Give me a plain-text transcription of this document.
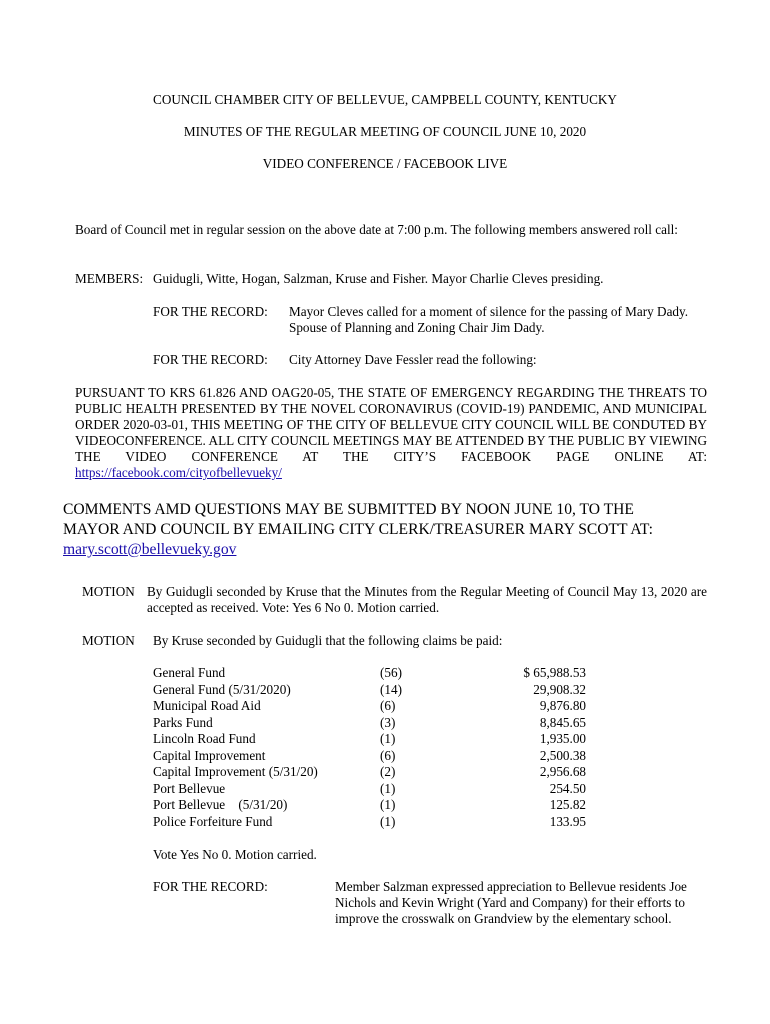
COUNCIL CHAMBER CITY OF BELLEVUE, CAMPBELL COUNTY, KENTUCKY
MINUTES OF THE REGULAR MEETING OF COUNCIL JUNE 10, 2020
VIDEO CONFERENCE / FACEBOOK LIVE
Board of Council met in regular session on the above date at 7:00 p.m. The following members answered roll call:
MEMBERS: Guidugli, Witte, Hogan, Salzman, Kruse and Fisher. Mayor Charlie Cleves presiding.
FOR THE RECORD: Mayor Cleves called for a moment of silence for the passing of Mary Dady. Spouse of Planning and Zoning Chair Jim Dady.
FOR THE RECORD: City Attorney Dave Fessler read the following:
PURSUANT TO KRS 61.826 AND OAG20-05, THE STATE OF EMERGENCY REGARDING THE THREATS TO PUBLIC HEALTH PRESENTED BY THE NOVEL CORONAVIRUS (COVID-19) PANDEMIC, AND MUNICIPAL ORDER 2020-03-01, THIS MEETING OF THE CITY OF BELLEVUE CITY COUNCIL WILL BE CONDUTED BY VIDEOCONFERENCE. ALL CITY COUNCIL MEETINGS MAY BE ATTENDED BY THE PUBLIC BY VIEWING THE VIDEO CONFERENCE AT THE CITY’S FACEBOOK PAGE ONLINE AT: https://facebook.com/cityofbellevueky/
COMMENTS AMD QUESTIONS MAY BE SUBMITTED BY NOON JUNE 10, TO THE MAYOR AND COUNCIL BY EMAILING CITY CLERK/TREASURER MARY SCOTT AT:
mary.scott@bellevueky.gov
MOTION By Guidugli seconded by Kruse that the Minutes from the Regular Meeting of Council May 13, 2020 are accepted as received. Vote: Yes 6 No 0. Motion carried.
MOTION By Kruse seconded by Guidugli that the following claims be paid:
General Fund	(56)	$ 65,988.53
General Fund (5/31/2020)	(14)	29,908.32
Municipal Road Aid	(6)	9,876.80
Parks Fund	(3)	8,845.65
Lincoln Road Fund	(1)	1,935.00
Capital Improvement	(6)	2,500.38
Capital Improvement (5/31/20)	(2)	2,956.68
Port Bellevue	(1)	254.50
Port Bellevue    (5/31/20)	(1)	125.82
Police Forfeiture Fund	(1)	133.95
Vote Yes No 0. Motion carried.
FOR THE RECORD:	Member Salzman expressed appreciation to Bellevue residents Joe Nichols and Kevin Wright (Yard and Company) for their efforts to improve the crosswalk on Grandview by the elementary school.
